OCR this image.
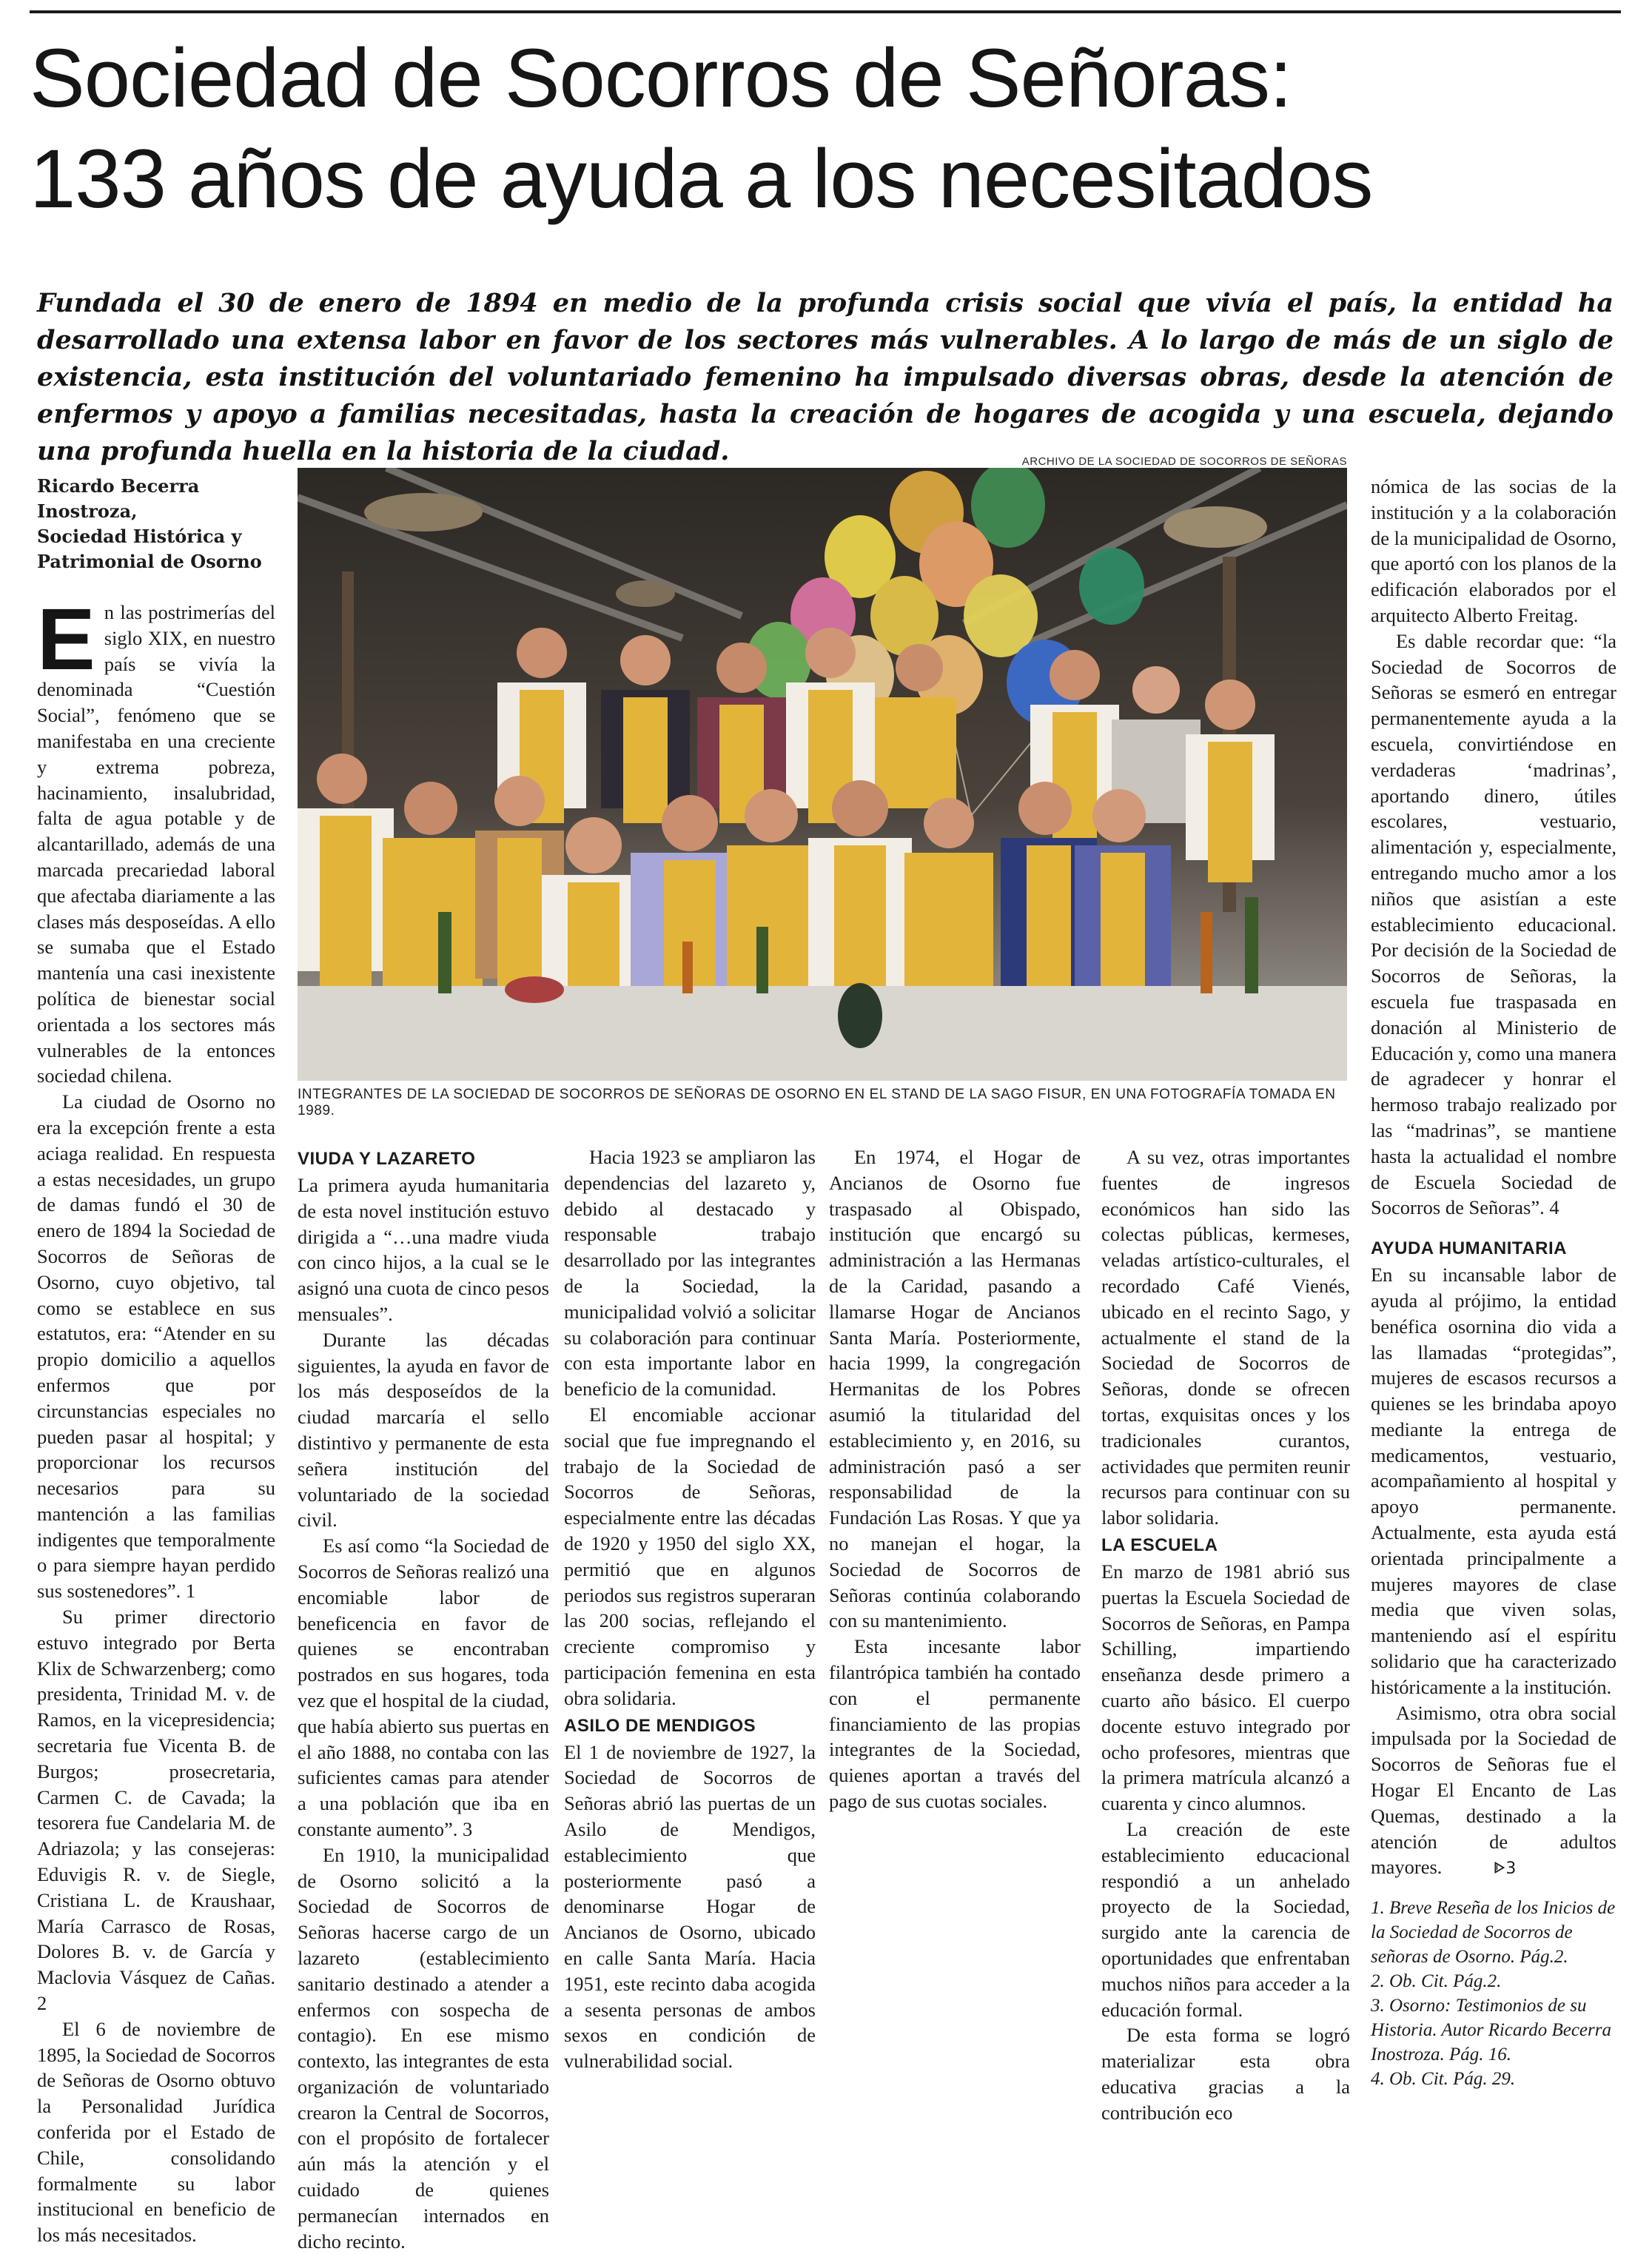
Sociedad de Socorros de Señoras:
133 años de ayuda a los necesitados
Fundada el 30 de enero de 1894 en medio de la profunda crisis social que vivía el país, la entidad ha desarrollado una extensa labor en favor de los sectores más vulnerables. A lo largo de más de un siglo de existencia, esta institución del voluntariado femenino ha impulsado diversas obras, desde la atención de enfermos y apoyo a familias necesitadas, hasta la creación de hogares de acogida y una escuela, dejando una profunda huella en la historia de la ciudad.
Ricardo Becerra Inostroza,
Sociedad Histórica y
Patrimonial de Osorno

En las postrimerías del siglo XIX, en nuestro país se vivía la denominada “Cuestión Social”, fenómeno que se manifestaba en una creciente y extrema pobreza, hacinamiento, insalubridad, falta de agua potable y de alcantarillado, además de una marcada precariedad laboral que afectaba diariamente a las clases más desposeídas. A ello se sumaba que el Estado mantenía una casi inexistente política de bienestar social orientada a los sectores más vulnerables de la entonces sociedad chilena.

La ciudad de Osorno no era la excepción frente a esta aciaga realidad. En respuesta a estas necesidades, un grupo de damas fundó el 30 de enero de 1894 la Sociedad de Socorros de Señoras de Osorno, cuyo objetivo, tal como se establece en sus estatutos, era: “Atender en su propio domicilio a aquellos enfermos que por circunstancias especiales no pueden pasar al hospital; y proporcionar los recursos necesarios para su mantención a las familias indigentes que temporalmente o para siempre hayan perdido sus sostenedores”. 1

Su primer directorio estuvo integrado por Berta Klix de Schwarzenberg; como presidenta, Trinidad M. v. de Ramos, en la vicepresidencia; secretaria fue Vicenta B. de Burgos; prosecretaria, Carmen C. de Cavada; la tesorera fue Candelaria M. de Adriazola; y las consejeras: Eduvigis R. v. de Siegle, Cristiana L. de Kraushaar, María Carrasco de Rosas, Dolores B. v. de García y Maclovia Vásquez de Cañas. 2

El 6 de noviembre de 1895, la Sociedad de Socorros de Señoras de Osorno obtuvo la Personalidad Jurídica conferida por el Estado de Chile, consolidando formalmente su labor institucional en beneficio de los más necesitados.

ARCHIVO DE LA SOCIEDAD DE SOCORROS DE SEÑORAS
INTEGRANTES DE LA SOCIEDAD DE SOCORROS DE SEÑORAS DE OSORNO EN EL STAND DE LA SAGO FISUR, EN UNA FOTOGRAFÍA TOMADA EN 1989.
VIUDA Y LAZARETO

La primera ayuda humanitaria de esta novel institución estuvo dirigida a “…una madre viuda con cinco hijos, a la cual se le asignó una cuota de cinco pesos mensuales”.

Durante las décadas siguientes, la ayuda en favor de los más desposeídos de la ciudad marcaría el sello distintivo y permanente de esta señera institución del voluntariado de la sociedad civil.

Es así como “la Sociedad de Socorros de Señoras realizó una encomiable labor de beneficencia en favor de quienes se encontraban postrados en sus hogares, toda vez que el hospital de la ciudad, que había abierto sus puertas en el año 1888, no contaba con las suficientes camas para atender a una población que iba en constante aumento”. 3

En 1910, la municipalidad de Osorno solicitó a la Sociedad de Socorros de Señoras hacerse cargo de un lazareto (establecimiento sanitario destinado a atender a enfermos con sospecha de contagio). En ese mismo contexto, las integrantes de esta organización de voluntariado crearon la Central de Socorros, con el propósito de fortalecer aún más la atención y el cuidado de quienes permanecían internados en dicho recinto.

Hacia 1923 se ampliaron las dependencias del lazareto y, debido al destacado y responsable trabajo desarrollado por las integrantes de la Sociedad, la municipalidad volvió a solicitar su colaboración para continuar con esta importante labor en beneficio de la comunidad.

El encomiable accionar social que fue impregnando el trabajo de la Sociedad de Socorros de Señoras, especialmente entre las décadas de 1920 y 1950 del siglo XX, permitió que en algunos periodos sus registros superaran las 200 socias, reflejando el creciente compromiso y participación femenina en esta obra solidaria.

ASILO DE MENDIGOS

El 1 de noviembre de 1927, la Sociedad de Socorros de Señoras abrió las puertas de un Asilo de Mendigos, establecimiento que posteriormente pasó a denominarse Hogar de Ancianos de Osorno, ubicado en calle Santa María. Hacia 1951, este recinto daba acogida a sesenta personas de ambos sexos en condición de vulnerabilidad social.

En 1974, el Hogar de Ancianos de Osorno fue traspasado al Obispado, institución que encargó su administración a las Hermanas de la Caridad, pasando a llamarse Hogar de Ancianos Santa María. Posteriormente, hacia 1999, la congregación Hermanitas de los Pobres asumió la titularidad del establecimiento y, en 2016, su administración pasó a ser responsabilidad de la Fundación Las Rosas. Y que ya no manejan el hogar, la Sociedad de Socorros de Señoras continúa colaborando con su mantenimiento.

Esta incesante labor filantrópica también ha contado con el permanente financiamiento de las propias integrantes de la Sociedad, quienes aportan a través del pago de sus cuotas sociales.

A su vez, otras importantes fuentes de ingresos económicos han sido las colectas públicas, kermeses, veladas artístico-culturales, el recordado Café Vienés, ubicado en el recinto Sago, y actualmente el stand de la Sociedad de Socorros de Señoras, donde se ofrecen tortas, exquisitas onces y los tradicionales curantos, actividades que permiten reunir recursos para continuar con su labor solidaria.

LA ESCUELA

En marzo de 1981 abrió sus puertas la Escuela Sociedad de Socorros de Señoras, en Pampa Schilling, impartiendo enseñanza desde primero a cuarto año básico. El cuerpo docente estuvo integrado por ocho profesores, mientras que la primera matrícula alcanzó a cuarenta y cinco alumnos.

La creación de este establecimiento educacional respondió a un anhelado proyecto de la Sociedad, surgido ante la carencia de oportunidades que enfrentaban muchos niños para acceder a la educación formal.

De esta forma se logró materializar esta obra educativa gracias a la contribución eco

nómica de las socias de la institución y a la colaboración de la municipalidad de Osorno, que aportó con los planos de la edificación elaborados por el arquitecto Alberto Freitag.

Es dable recordar que: “la Sociedad de Socorros de Señoras se esmeró en entregar permanentemente ayuda a la escuela, convirtiéndose en verdaderas ‘madrinas’, aportando dinero, útiles escolares, vestuario, alimentación y, especialmente, entregando mucho amor a los niños que asistían a este establecimiento educacional. Por decisión de la Sociedad de Socorros de Señoras, la escuela fue traspasada en donación al Ministerio de Educación y, como una manera de agradecer y honrar el hermoso trabajo realizado por las “madrinas”, se mantiene hasta la actualidad el nombre de Escuela Sociedad de Socorros de Señoras”. 4

AYUDA HUMANITARIA

En su incansable labor de ayuda al prójimo, la entidad benéfica osornina dio vida a las llamadas “protegidas”, mujeres de escasos recursos a quienes se les brindaba apoyo mediante la entrega de medicamentos, vestuario, acompañamiento al hospital y apoyo permanente. Actualmente, esta ayuda está orientada principalmente a mujeres mayores de clase media que viven solas, manteniendo así el espíritu solidario que ha caracterizado históricamente a la institución.

Asimismo, otra obra social impulsada por la Sociedad de Socorros de Señoras fue el Hogar El Encanto de Las Quemas, destinado a la atención de adultos mayores.	ᐈ3

1. Breve Reseña de los Inicios de la Sociedad de Socorros de señoras de Osorno. Pág.2.
2. Ob. Cit. Pág.2.
3. Osorno: Testimonios de su Historia. Autor Ricardo Becerra Inostroza. Pág. 16.
4. Ob. Cit. Pág. 29.
